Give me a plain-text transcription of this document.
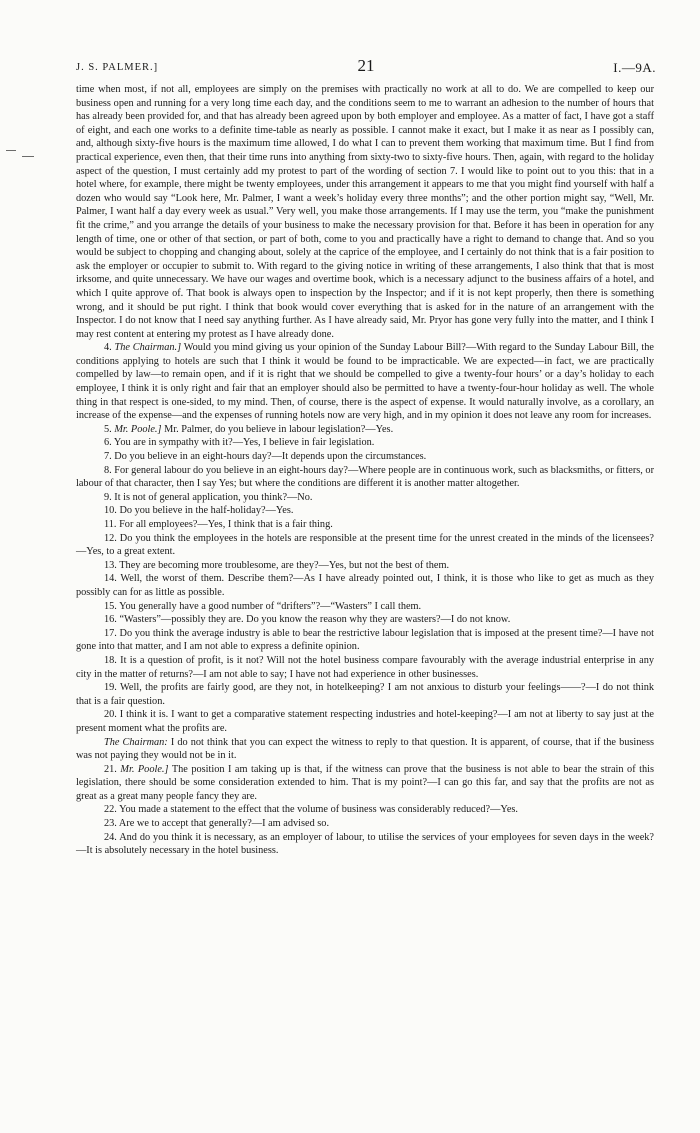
J. S. PALMER.]	21	I.—9A.

time when most, if not all, employees are simply on the premises with practically no work at all to do. We are compelled to keep our business open and running for a very long time each day, and the conditions seem to me to warrant an adhesion to the number of hours that has already been provided for, and that has already been agreed upon by both employer and employee. As a matter of fact, I have got a staff of eight, and each one works to a definite time-table as nearly as possible. I cannot make it exact, but I make it as near as I possibly can, and, although sixty-five hours is the maximum time allowed, I do what I can to prevent them working that maximum time. But I find from practical experience, even then, that their time runs into anything from sixty-two to sixty-five hours. Then, again, with regard to the holiday aspect of the question, I must certainly add my protest to part of the wording of section 7. I would like to point out to you this: that in a hotel where, for example, there might be twenty employees, under this arrangement it appears to me that you might find yourself with half a dozen who would say “Look here, Mr. Palmer, I want a week’s holiday every three months”; and the other portion might say, “Well, Mr. Palmer, I want half a day every week as usual.” Very well, you make those arrangements. If I may use the term, you “make the punishment fit the crime,” and you arrange the details of your business to make the necessary provision for that. Before it has been in operation for any length of time, one or other of that section, or part of both, come to you and practically have a right to demand to change that. And so you would be subject to chopping and changing about, solely at the caprice of the employee, and I certainly do not think that is a fair position to ask the employer or occupier to submit to. With regard to the giving notice in writing of these arrangements, I also think that that is most irksome, and quite unnecessary. We have our wages and overtime book, which is a necessary adjunct to the business affairs of a hotel, and which I quite approve of. That book is always open to inspection by the Inspector; and if it is not kept properly, then there is something wrong, and it should be put right. I think that book would cover everything that is asked for in the nature of an arrangement with the Inspector. I do not know that I need say anything further. As I have already said, Mr. Pryor has gone very fully into the matter, and I think I may rest content at entering my protest as I have already done.

4. The Chairman.] Would you mind giving us your opinion of the Sunday Labour Bill?—With regard to the Sunday Labour Bill, the conditions applying to hotels are such that I think it would be found to be impracticable. We are expected—in fact, we are practically compelled by law—to remain open, and if it is right that we should be compelled to give a twenty-four hours’ or a day’s holiday to each employee, I think it is only right and fair that an employer should also be permitted to have a twenty-four-hour holiday as well. The whole thing in that respect is one-sided, to my mind. Then, of course, there is the aspect of expense. It would naturally involve, as a corollary, an increase of the expense—and the expenses of running hotels now are very high, and in my opinion it does not leave any room for increases.

5. Mr. Poole.] Mr. Palmer, do you believe in labour legislation?—Yes.

6. You are in sympathy with it?—Yes, I believe in fair legislation.

7. Do you believe in an eight-hours day?—It depends upon the circumstances.

8. For general labour do you believe in an eight-hours day?—Where people are in continuous work, such as blacksmiths, or fitters, or labour of that character, then I say Yes; but where the conditions are different it is another matter altogether.

9. It is not of general application, you think?—No.

10. Do you believe in the half-holiday?—Yes.

11. For all employees?—Yes, I think that is a fair thing.

12. Do you think the employees in the hotels are responsible at the present time for the unrest created in the minds of the licensees?—Yes, to a great extent.

13. They are becoming more troublesome, are they?—Yes, but not the best of them.

14. Well, the worst of them. Describe them?—As I have already pointed out, I think, it is those who like to get as much as they possibly can for as little as possible.

15. You generally have a good number of “drifters”?—“Wasters” I call them.

16. “Wasters”—possibly they are. Do you know the reason why they are wasters?—I do not know.

17. Do you think the average industry is able to bear the restrictive labour legislation that is imposed at the present time?—I have not gone into that matter, and I am not able to express a definite opinion.

18. It is a question of profit, is it not? Will not the hotel business compare favourably with the average industrial enterprise in any city in the matter of returns?—I am not able to say; I have not had experience in other businesses.

19. Well, the profits are fairly good, are they not, in hotelkeeping? I am not anxious to disturb your feelings——?—I do not think that is a fair question.

20. I think it is. I want to get a comparative statement respecting industries and hotel-keeping?—I am not at liberty to say just at the present moment what the profits are.

The Chairman: I do not think that you can expect the witness to reply to that question. It is apparent, of course, that if the business was not paying they would not be in it.

21. Mr. Poole.] The position I am taking up is that, if the witness can prove that the business is not able to bear the strain of this legislation, there should be some consideration extended to him. That is my point?—I can go this far, and say that the profits are not as great as a great many people fancy they are.

22. You made a statement to the effect that the volume of business was considerably reduced?—Yes.

23. Are we to accept that generally?—I am advised so.

24. And do you think it is necessary, as an employer of labour, to utilise the services of your employees for seven days in the week?—It is absolutely necessary in the hotel business.
